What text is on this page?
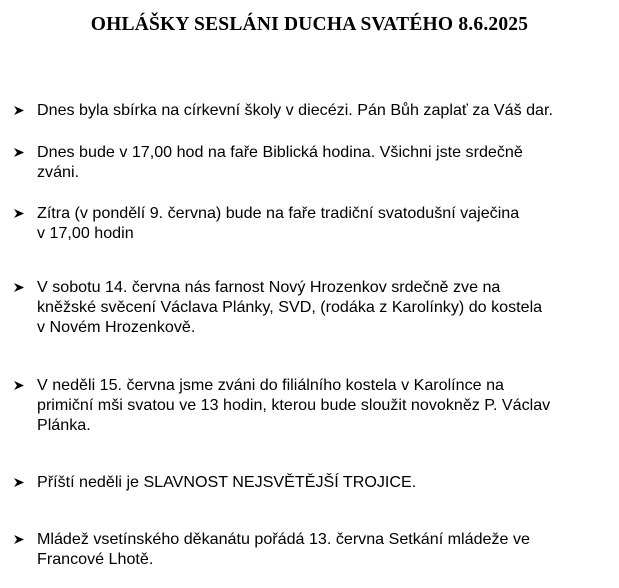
OHLÁŠKY SESLÁNI DUCHA SVATÉHO 8.6.2025
Dnes byla sbírka na církevní školy v diecézi. Pán Bůh zaplať za Váš dar.
Dnes bude v 17,00 hod na faře Biblická hodina. Všichni jste srdečně
zváni.
Zítra (v pondělí 9. června) bude na faře tradiční svatodušní vaječina
v 17,00 hodin
V sobotu 14. června nás farnost Nový Hrozenkov srdečně zve na
kněžské svěcení Václava Plánky, SVD, (rodáka z Karolínky) do kostela
v Novém Hrozenkově.
V neděli 15. června jsme zváni do filiálního kostela v Karolínce na
primiční mši svatou ve 13 hodin, kterou bude sloužit novokněz P. Václav
Plánka.
Příští neděli je SLAVNOST NEJSVĚTĚJŠÍ TROJICE.
Mládež vsetínského děkanátu pořádá 13. června Setkání mládeže ve
Francové Lhotě.
